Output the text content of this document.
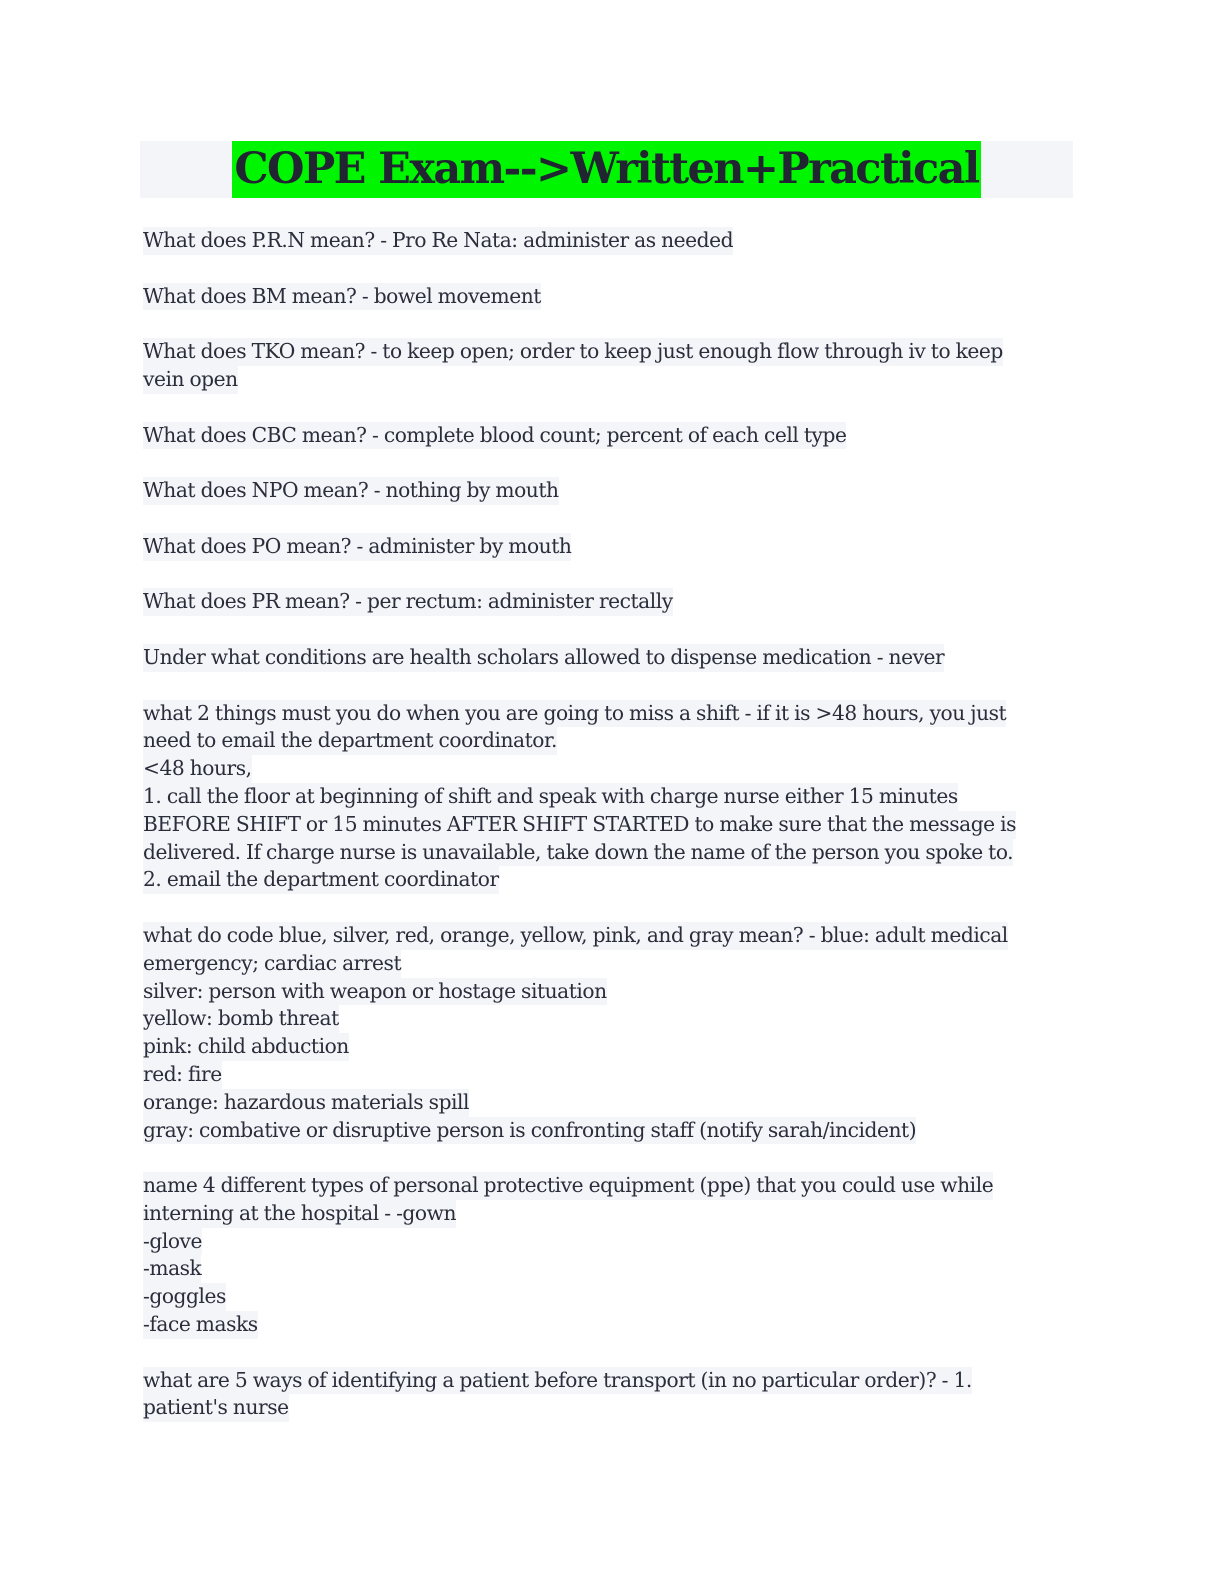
COPE Exam-->Written+Practical
What does P.R.N mean? - Pro Re Nata: administer as needed
What does BM mean? - bowel movement
What does TKO mean? - to keep open; order to keep just enough flow through iv to keep
vein open
What does CBC mean? - complete blood count; percent of each cell type
What does NPO mean? - nothing by mouth
What does PO mean? - administer by mouth
What does PR mean? - per rectum: administer rectally
Under what conditions are health scholars allowed to dispense medication - never
what 2 things must you do when you are going to miss a shift - if it is >48 hours, you just
need to email the department coordinator.
<48 hours,
1. call the floor at beginning of shift and speak with charge nurse either 15 minutes
BEFORE SHIFT or 15 minutes AFTER SHIFT STARTED to make sure that the message is
delivered. If charge nurse is unavailable, take down the name of the person you spoke to.
2. email the department coordinator
what do code blue, silver, red, orange, yellow, pink, and gray mean? - blue: adult medical
emergency; cardiac arrest
silver: person with weapon or hostage situation
yellow: bomb threat
pink: child abduction
red: fire
orange: hazardous materials spill
gray: combative or disruptive person is confronting staff (notify sarah/incident)
name 4 different types of personal protective equipment (ppe) that you could use while
interning at the hospital - -gown
-glove
-mask
-goggles
-face masks
what are 5 ways of identifying a patient before transport (in no particular order)? - 1.
patient's nurse
